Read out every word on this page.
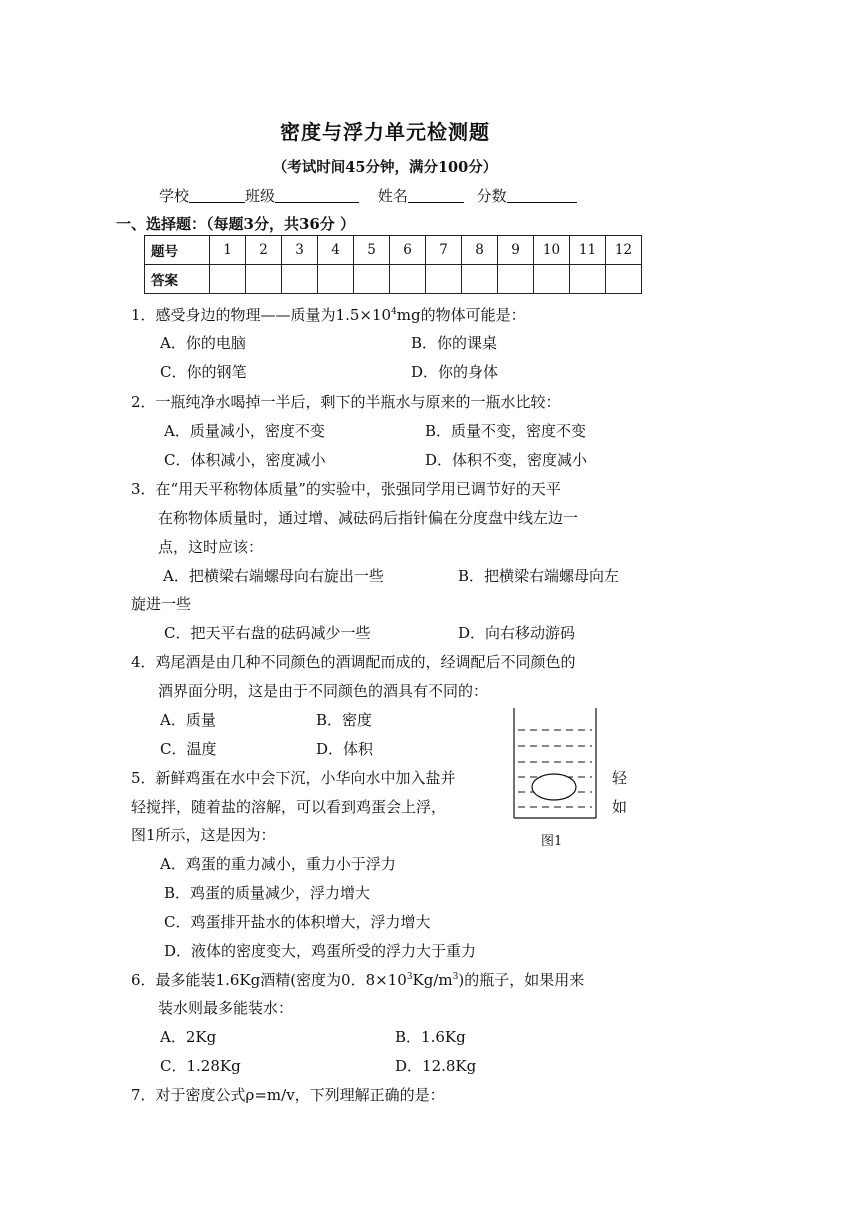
密度与浮力单元检测题
（考试时间45分钟，满分100分）
学校	班级	姓名	分数
一、选择题：（每题3分，共36分 ）
题号	1	2	3	4	5	6	7	8	9	10	11	12
答案												
1．感受身边的物理——质量为$1.5\times 10^4mg$的物体可能是：
A．你的电脑	B．你的课桌
C．你的钢笔	D．你的身体
2．一瓶纯净水喝掉一半后，剩下的半瓶水与原来的一瓶水比较：
A．质量减小，密度不变	B．质量不变，密度不变
C．体积减小，密度减小	D．体积不变，密度减小
3．在“用天平称物体质量”的实验中，张强同学用已调节好的天平
在称物体质量时，通过增、减砝码后指针偏在分度盘中线左边一
点，这时应该：
A．把横梁右端螺母向右旋出一些	B．把横梁右端螺母向左
旋进一些
C．把天平右盘的砝码减少一些	D．向右移动游码
4．鸡尾酒是由几种不同颜色的酒调配而成的，经调配后不同颜色的
酒界面分明，这是由于不同颜色的酒具有不同的：
A．质量	B．密度
C．温度	D．体积
图1
5．新鲜鸡蛋在水中会下沉，小华向水中加入盐并	轻
轻搅拌，随着盐的溶解，可以看到鸡蛋会上浮，	如
图1所示，这是因为：
A．鸡蛋的重力减小，重力小于浮力
B．鸡蛋的质量减少，浮力增大
C．鸡蛋排开盐水的体积增大，浮力增大
D．液体的密度变大，鸡蛋所受的浮力大于重力
6．最多能装1.6Kg酒精(密度为0．$8\times 10^3Kg/m^3$)的瓶子，如果用来
装水则最多能装水：
A．2Kg	B．1.6Kg
C．1.28Kg	D．12.8Kg
7．对于密度公式ρ=m/v，下列理解正确的是：
